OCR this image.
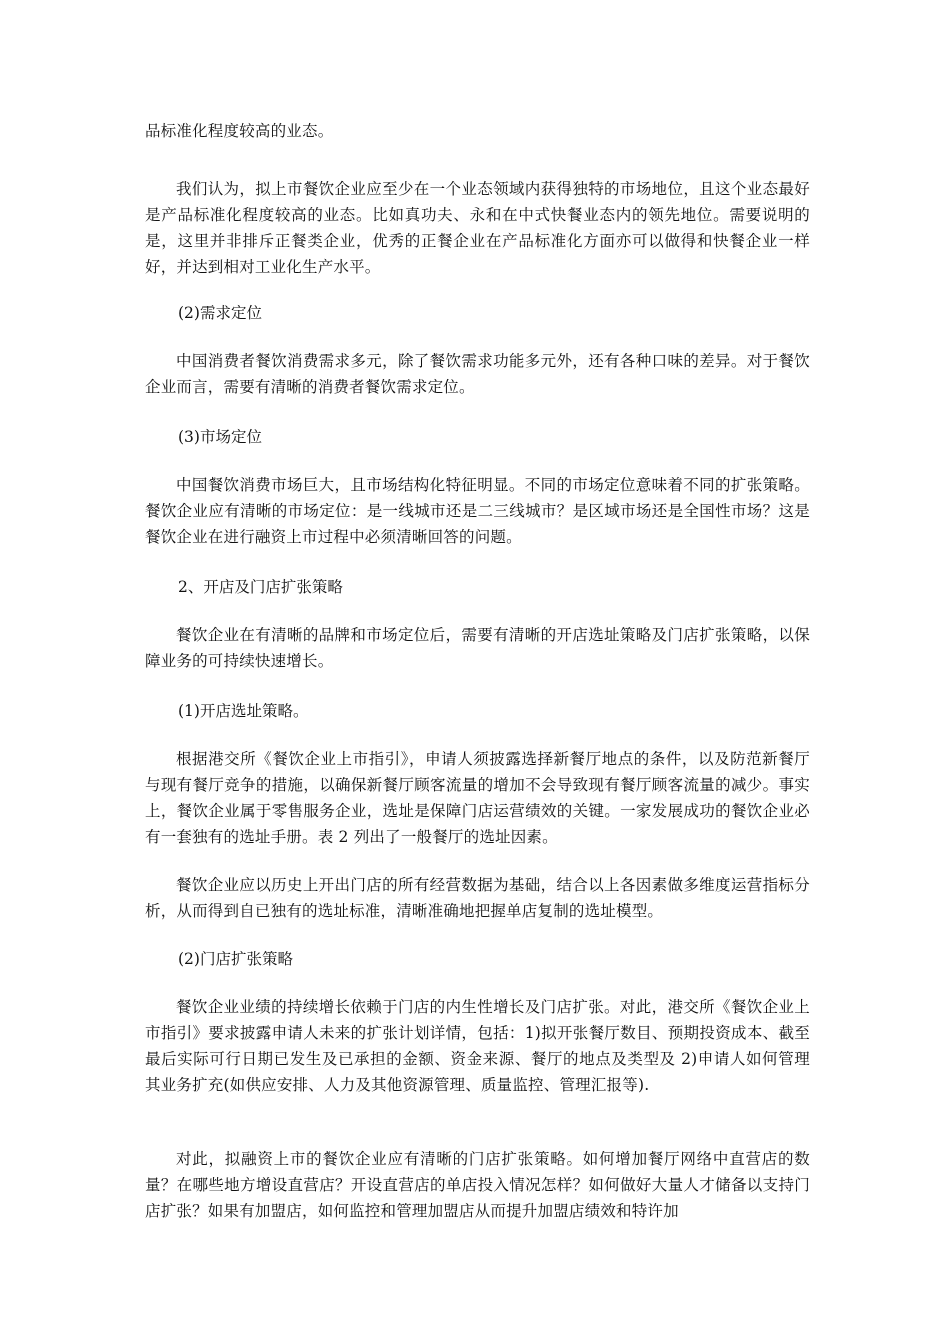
品标准化程度较高的业态。

我们认为，拟上市餐饮企业应至少在一个业态领域内获得独特的市场地位，且这个业态最好是产品标准化程度较高的业态。比如真功夫、永和在中式快餐业态内的领先地位。需要说明的是，这里并非排斥正餐类企业，优秀的正餐企业在产品标准化方面亦可以做得和快餐企业一样好，并达到相对工业化生产水平。

(2)需求定位

中国消费者餐饮消费需求多元，除了餐饮需求功能多元外，还有各种口味的差异。对于餐饮企业而言，需要有清晰的消费者餐饮需求定位。

(3)市场定位

中国餐饮消费市场巨大，且市场结构化特征明显。不同的市场定位意味着不同的扩张策略。餐饮企业应有清晰的市场定位：是一线城市还是二三线城市？是区域市场还是全国性市场？这是餐饮企业在进行融资上市过程中必须清晰回答的问题。

2、开店及门店扩张策略

餐饮企业在有清晰的品牌和市场定位后，需要有清晰的开店选址策略及门店扩张策略，以保障业务的可持续快速增长。

(1)开店选址策略。

根据港交所《餐饮企业上市指引》，申请人须披露选择新餐厅地点的条件，以及防范新餐厅与现有餐厅竞争的措施，以确保新餐厅顾客流量的增加不会导致现有餐厅顾客流量的减少。事实上，餐饮企业属于零售服务企业，选址是保障门店运营绩效的关键。一家发展成功的餐饮企业必有一套独有的选址手册。表 2 列出了一般餐厅的选址因素。

餐饮企业应以历史上开出门店的所有经营数据为基础，结合以上各因素做多维度运营指标分析，从而得到自已独有的选址标准，清晰准确地把握单店复制的选址模型。

(2)门店扩张策略

餐饮企业业绩的持续增长依赖于门店的内生性增长及门店扩张。对此，港交所《餐饮企业上市指引》要求披露申请人未来的扩张计划详情，包括：1)拟开张餐厅数目、预期投资成本、截至最后实际可行日期已发生及已承担的金额、资金来源、餐厅的地点及类型及 2)申请人如何管理其业务扩充(如供应安排、人力及其他资源管理、质量监控、管理汇报等).

对此，拟融资上市的餐饮企业应有清晰的门店扩张策略。如何增加餐厅网络中直营店的数量？在哪些地方增设直营店？开设直营店的单店投入情况怎样？如何做好大量人才储备以支持门店扩张？如果有加盟店，如何监控和管理加盟店从而提升加盟店绩效和特许加
